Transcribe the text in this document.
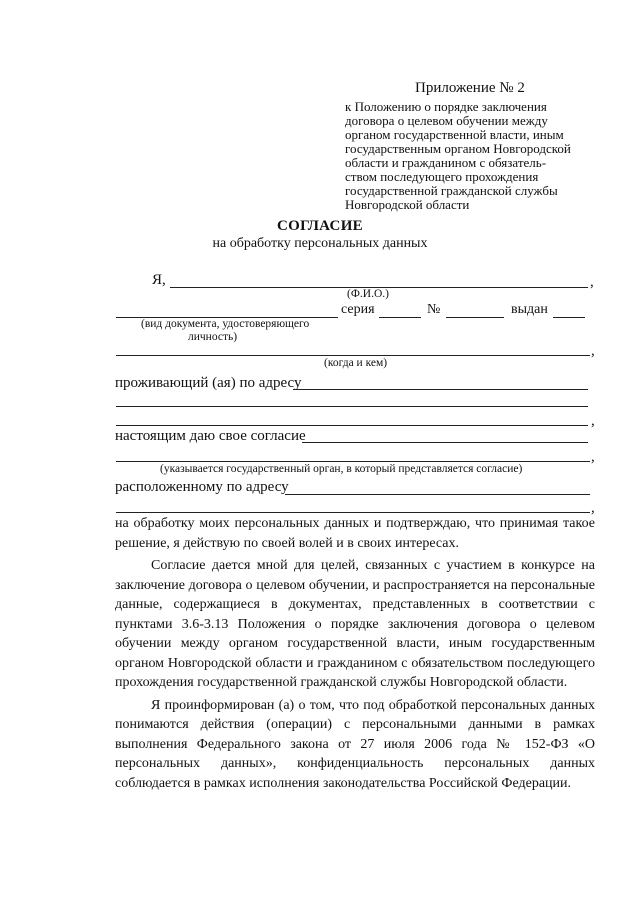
Приложение № 2
к Положению о порядке заключения
договора о целевом обучении между
органом государственной власти, иным
государственным органом Новгородской
области и гражданином с обязатель-
ством последующего прохождения
государственной гражданской службы
Новгородской области
СОГЛАСИЕ
на обработку персональных данных
Я,	,
(Ф.И.О.)
серия	№	выдан
(вид документа, удостоверяющего
личность)
,
(когда и кем)
проживающий (ая) по адресу
,
настоящим даю свое согласие
,
(указывается государственный орган, в который представляется согласие)
расположенному по адресу
,

на обработку моих персональных данных и подтверждаю, что принимая такое решение, я действую по своей волей и в своих интересах.

Согласие дается мной для целей, связанных с участием в конкурсе на заключение договора о целевом обучении, и распространяется на персональные данные, содержащиеся в документах, представленных в соответствии с пунктами 3.6-3.13 Положения о порядке заключения договора о целевом обучении между органом государственной власти, иным государственным органом Новгородской области и гражданином с обязательством последующего прохождения государственной гражданской службы Новгородской области.

Я проинформирован (а) о том, что под обработкой персональных данных понимаются действия (операции) с персональными данными в рамках выполнения Федерального закона от 27 июля 2006 года № 152-ФЗ «О персональных данных», конфиденциальность персональных данных соблюдается в рамках исполнения законодательства Российской Федерации.
